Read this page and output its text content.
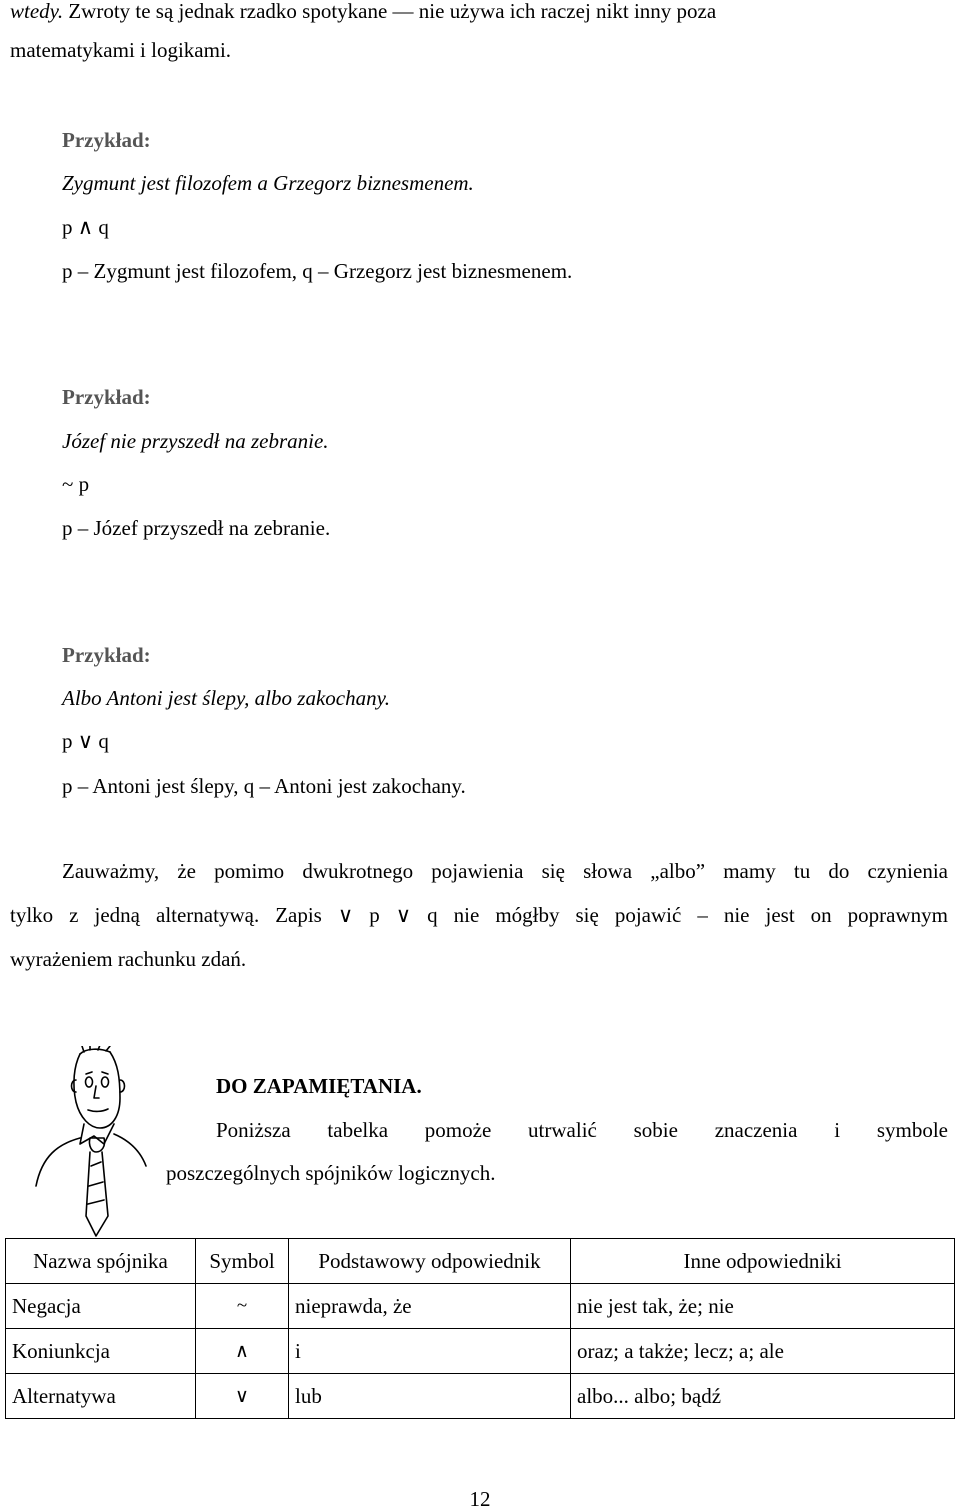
wtedy. Zwroty te są jednak rzadko spotykane — nie używa ich raczej nikt inny poza
matematykami i logikami.
Przykład:
Zygmunt jest filozofem a Grzegorz biznesmenem.
p ∧ q
p – Zygmunt jest filozofem, q – Grzegorz jest biznesmenem.
Przykład:
Józef nie przyszedł na zebranie.
~ p
p – Józef przyszedł na zebranie.
Przykład:
Albo Antoni jest ślepy, albo zakochany.
p ∨ q
p – Antoni jest ślepy, q – Antoni jest zakochany.
Zauważmy, że pomimo dwukrotnego pojawienia się słowa „albo” mamy tu do czynienia
tylko z jedną alternatywą. Zapis ∨ p ∨ q nie mógłby się pojawić – nie jest on poprawnym
wyrażeniem rachunku zdań.
DO ZAPAMIĘTANIA.
Poniższa tabelka pomoże utrwalić sobie znaczenia i symbole
poszczególnych spójników logicznych.
Nazwa spójnika	Symbol	Podstawowy odpowiednik	Inne odpowiedniki
Negacja	~	nieprawda, że	nie jest tak, że; nie
Koniunkcja	∧	i	oraz; a także; lecz; a; ale
Alternatywa	∨	lub	albo... albo; bądź
12
